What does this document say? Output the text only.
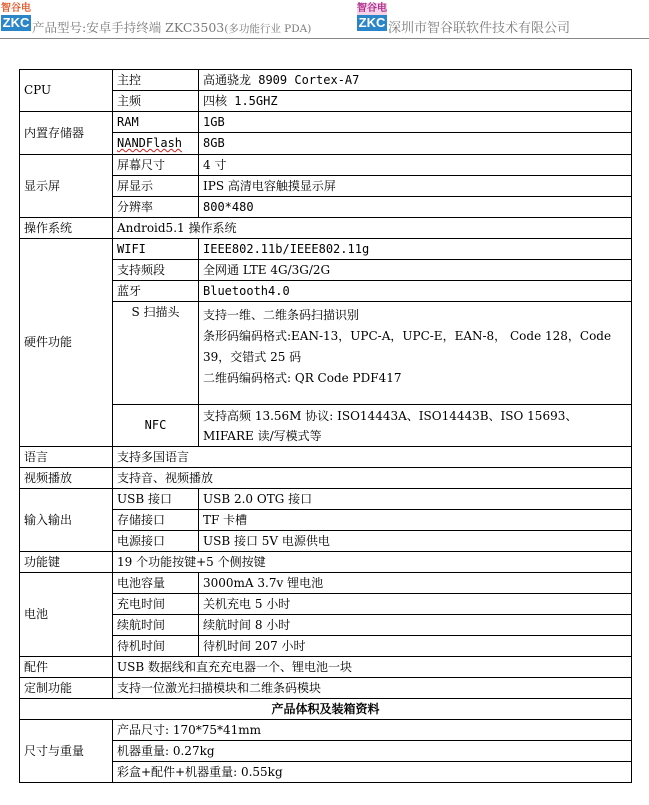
智谷电
ZKC 产品型号:安卓手持终端 ZKC3503(多功能行业 PDA)
智谷电
ZKC 深圳市智谷联软件技术有限公司
CPU	主控	高通骁龙 8909 Cortex-A7
	主频	四核 1.5GHZ
内置存储器	RAM	1GB
	NANDFlash	8GB
显示屏	屏幕尺寸	4 寸
	屏显示	IPS 高清电容触摸显示屏
	分辨率	800*480
操作系统	Android5.1 操作系统	
硬件功能	WIFI	IEEE802.11b/IEEE802.11g
	支持频段	全网通 LTE 4G/3G/2G
	蓝牙	Bluetooth4.0
	S 扫描头	支持一维、二维条码扫描识别
条形码编码格式:EAN-13，UPC-A，UPC-E，EAN-8， Code 128，Code 39，交错式 25 码
二维码编码格式: QR Code PDF417

	NFC	支持高频 13.56M 协议: ISO14443A、ISO14443B、ISO 15693、MIFARE 读/写模式等
语言	支持多国语言	
视频播放	支持音、视频播放	
输入输出	USB 接口	USB 2.0 OTG 接口
	存储接口	TF 卡槽
	电源接口	USB 接口 5V 电源供电
功能键	19 个功能按键+5 个侧按键	
电池	电池容量	3000mA 3.7v 锂电池
	充电时间	关机充电 5 小时
	续航时间	续航时间 8 小时
	待机时间	待机时间 207 小时
配件	USB 数据线和直充充电器一个、锂电池一块	
定制功能	支持一位激光扫描模块和二维条码模块	
产品体积及装箱资料		
尺寸与重量	产品尺寸: 170*75*41mm	
	机器重量: 0.27kg	
	彩盒+配件+机器重量: 0.55kg	
